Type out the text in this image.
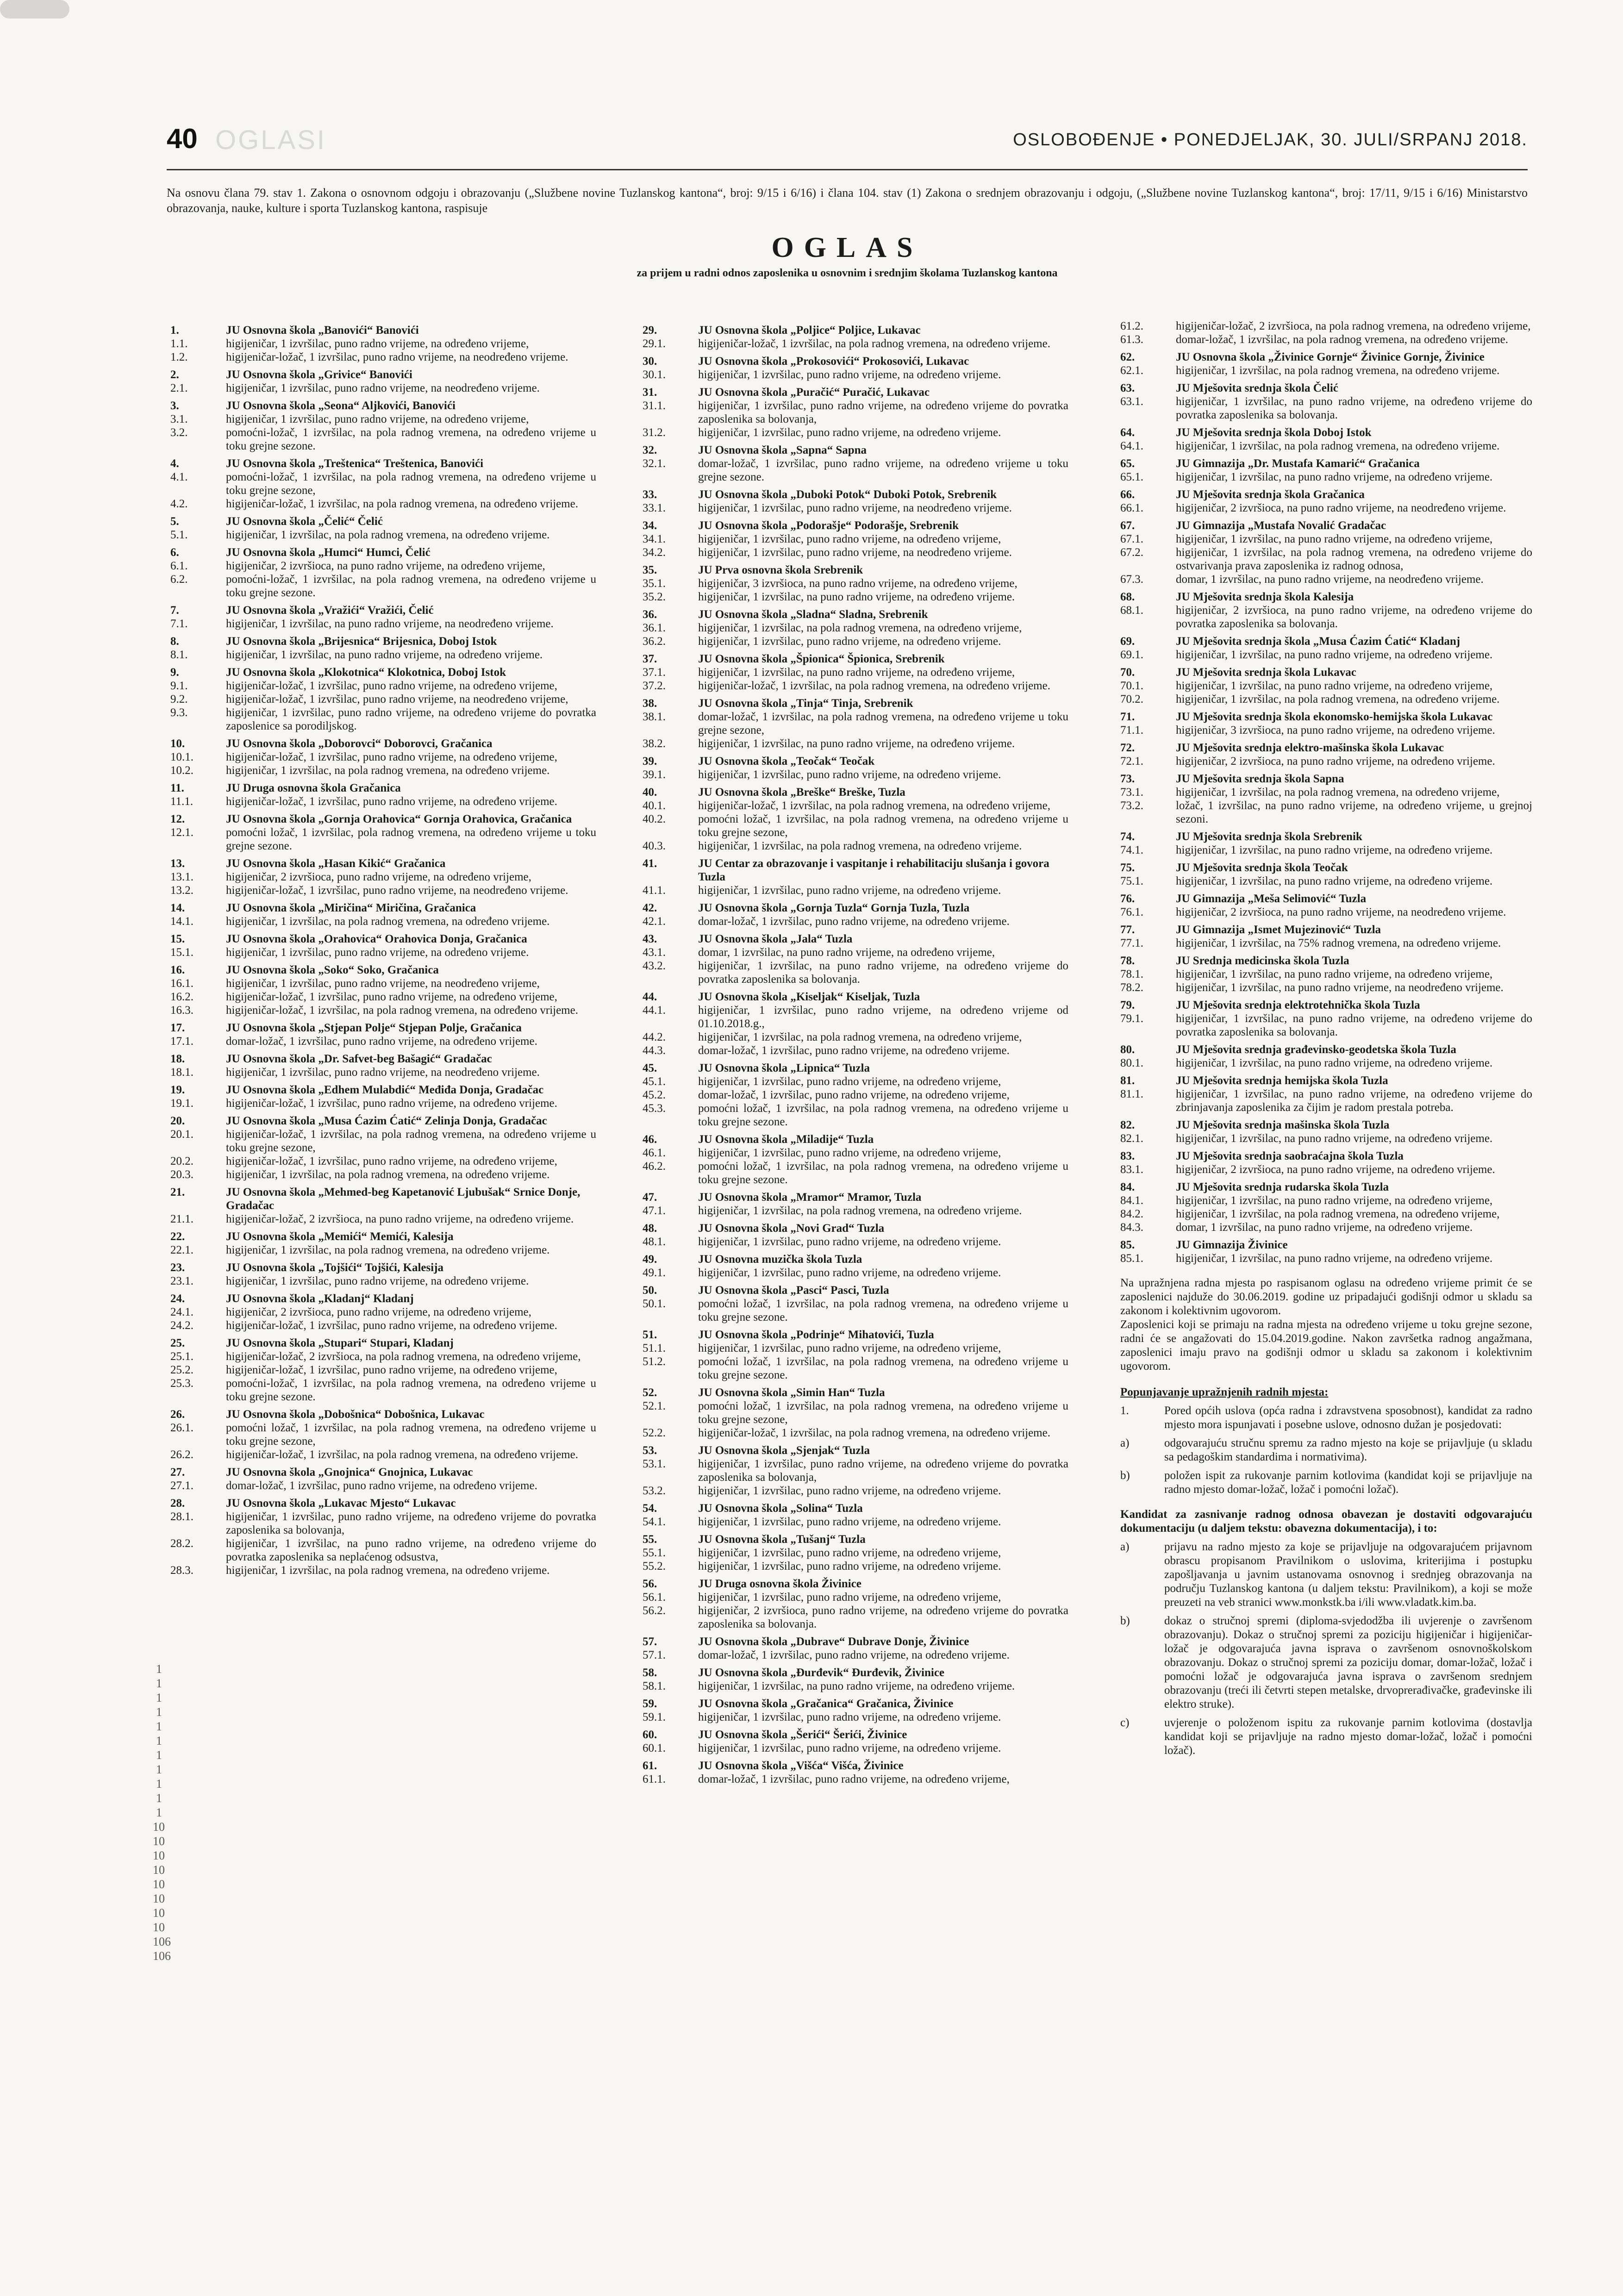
40 OGLASI	OSLOBOĐENJE • PONEDJELJAK, 30. JULI/SRPANJ 2018.
Na osnovu člana 79. stav 1. Zakona o osnovnom odgoju i obrazovanju („Službene novine Tuzlanskog kantona“, broj: 9/15 i 6/16) i člana 104. stav (1) Zakona o srednjem obrazovanju i odgoju, („Službene novine Tuzlanskog kantona“, broj: 17/11, 9/15 i 6/16) Ministarstvo obrazovanja, nauke, kulture i sporta Tuzlanskog kantona, raspisuje
OGLAS
za prijem u radni odnos zaposlenika u osnovnim i srednjim školama Tuzlanskog kantona
1.	JU Osnovna škola „Banovići“ Banovići
1.1.	higijeničar, 1 izvršilac, puno radno vrijeme, na određeno vrijeme,
1.2.	higijeničar-ložač, 1 izvršilac, puno radno vrijeme, na neodređeno vrijeme.
2.	JU Osnovna škola „Grivice“ Banovići
2.1.	higijeničar, 1 izvršilac, puno radno vrijeme, na neodređeno vrijeme.
3.	JU Osnovna škola „Seona“ Aljkovići, Banovići
3.1.	higijeničar, 1 izvršilac, puno radno vrijeme, na određeno vrijeme,
3.2.	pomoćni-ložač, 1 izvršilac, na pola radnog vremena, na određeno vrijeme u toku grejne sezone.
4.	JU Osnovna škola „Treštenica“ Treštenica, Banovići
4.1.	pomoćni-ložač, 1 izvršilac, na pola radnog vremena, na određeno vrijeme u toku grejne sezone,
4.2.	higijeničar-ložač, 1 izvršilac, na pola radnog vremena, na određeno vrijeme.
5.	JU Osnovna škola „Čelić“ Čelić
5.1.	higijeničar, 1 izvršilac, na pola radnog vremena, na određeno vrijeme.
6.	JU Osnovna škola „Humci“ Humci, Čelić
6.1.	higijeničar, 2 izvršioca, na puno radno vrijeme, na određeno vrijeme,
6.2.	pomoćni-ložač, 1 izvršilac, na pola radnog vremena, na određeno vrijeme u toku grejne sezone.
7.	JU Osnovna škola „Vražići“ Vražići, Čelić
7.1.	higijeničar, 1 izvršilac, na puno radno vrijeme, na neodređeno vrijeme.
8.	JU Osnovna škola „Brijesnica“ Brijesnica, Doboj Istok
8.1.	higijeničar, 1 izvršilac, na puno radno vrijeme, na određeno vrijeme.
9.	JU Osnovna škola „Klokotnica“ Klokotnica, Doboj Istok
9.1.	higijeničar-ložač, 1 izvršilac, puno radno vrijeme, na određeno vrijeme,
9.2.	higijeničar-ložač, 1 izvršilac, puno radno vrijeme, na neodređeno vrijeme,
9.3.	higijeničar, 1 izvršilac, puno radno vrijeme, na određeno vrijeme do povratka zaposlenice sa porodiljskog.
10.	JU Osnovna škola „Doborovci“ Doborovci, Gračanica
10.1.	higijeničar-ložač, 1 izvršilac, puno radno vrijeme, na određeno vrijeme,
10.2.	higijeničar, 1 izvršilac, na pola radnog vremena, na određeno vrijeme.
11.	JU Druga osnovna škola Gračanica
11.1.	higijeničar-ložač, 1 izvršilac, puno radno vrijeme, na određeno vrijeme.
12.	JU Osnovna škola „Gornja Orahovica“ Gornja Orahovica, Gračanica
12.1.	pomoćni ložač, 1 izvršilac, pola radnog vremena, na određeno vrijeme u toku grejne sezone.
13.	JU Osnovna škola „Hasan Kikić“ Gračanica
13.1.	higijeničar, 2 izvršioca, puno radno vrijeme, na određeno vrijeme,
13.2.	higijeničar-ložač, 1 izvršilac, puno radno vrijeme, na neodređeno vrijeme.
14.	JU Osnovna škola „Miričina“ Miričina, Gračanica
14.1.	higijeničar, 1 izvršilac, na pola radnog vremena, na određeno vrijeme.
15.	JU Osnovna škola „Orahovica“ Orahovica Donja, Gračanica
15.1.	higijeničar, 1 izvršilac, puno radno vrijeme, na određeno vrijeme.
16.	JU Osnovna škola „Soko“ Soko, Gračanica
16.1.	higijeničar, 1 izvršilac, puno radno vrijeme, na neodređeno vrijeme,
16.2.	higijeničar-ložač, 1 izvršilac, puno radno vrijeme, na određeno vrijeme,
16.3.	higijeničar-ložač, 1 izvršilac, na pola radnog vremena, na određeno vrijeme.
17.	JU Osnovna škola „Stjepan Polje“ Stjepan Polje, Gračanica
17.1.	domar-ložač, 1 izvršilac, puno radno vrijeme, na određeno vrijeme.
18.	JU Osnovna škola „Dr. Safvet-beg Bašagić“ Gradačac
18.1.	higijeničar, 1 izvršilac, puno radno vrijeme, na neodređeno vrijeme.
19.	JU Osnovna škola „Edhem Mulabdić“ Međiđa Donja, Gradačac
19.1.	higijeničar-ložač, 1 izvršilac, puno radno vrijeme, na određeno vrijeme.
20.	JU Osnovna škola „Musa Ćazim Ćatić“ Zelinja Donja, Gradačac
20.1.	higijeničar-ložač, 1 izvršilac, na pola radnog vremena, na određeno vrijeme u toku grejne sezone,
20.2.	higijeničar-ložač, 1 izvršilac, puno radno vrijeme, na određeno vrijeme,
20.3.	higijeničar, 1 izvršilac, na pola radnog vremena, na određeno vrijeme.
21.	JU Osnovna škola „Mehmed-beg Kapetanović Ljubušak“ Srnice Donje, Gradačac
21.1.	higijeničar-ložač, 2 izvršioca, na puno radno vrijeme, na određeno vrijeme.
22.	JU Osnovna škola „Memići“ Memići, Kalesija
22.1.	higijeničar, 1 izvršilac, na pola radnog vremena, na određeno vrijeme.
23.	JU Osnovna škola „Tojšići“ Tojšići, Kalesija
23.1.	higijeničar, 1 izvršilac, puno radno vrijeme, na određeno vrijeme.
24.	JU Osnovna škola „Kladanj“ Kladanj
24.1.	higijeničar, 2 izvršioca, puno radno vrijeme, na određeno vrijeme,
24.2.	higijeničar-ložač, 1 izvršilac, puno radno vrijeme, na određeno vrijeme.
25.	JU Osnovna škola „Stupari“ Stupari, Kladanj
25.1.	higijeničar-ložač, 2 izvršioca, na pola radnog vremena, na određeno vrijeme,
25.2.	higijeničar-ložač, 1 izvršilac, puno radno vrijeme, na određeno vrijeme,
25.3.	pomoćni-ložač, 1 izvršilac, na pola radnog vremena, na određeno vrijeme u toku grejne sezone.
26.	JU Osnovna škola „Dobošnica“ Dobošnica, Lukavac
26.1.	pomoćni ložač, 1 izvršilac, na pola radnog vremena, na određeno vrijeme u toku grejne sezone,
26.2.	higijeničar-ložač, 1 izvršilac, na pola radnog vremena, na određeno vrijeme.
27.	JU Osnovna škola „Gnojnica“ Gnojnica, Lukavac
27.1.	domar-ložač, 1 izvršilac, puno radno vrijeme, na određeno vrijeme.
28.	JU Osnovna škola „Lukavac Mjesto“ Lukavac
28.1.	higijeničar, 1 izvršilac, puno radno vrijeme, na određeno vrijeme do povratka zaposlenika sa bolovanja,
28.2.	higijeničar, 1 izvršilac, na puno radno vrijeme, na određeno vrijeme do povratka zaposlenika sa neplaćenog odsustva,
28.3.	higijeničar, 1 izvršilac, na pola radnog vremena, na određeno vrijeme.
29.	JU Osnovna škola „Poljice“ Poljice, Lukavac
29.1.	higijeničar-ložač, 1 izvršilac, na pola radnog vremena, na određeno vrijeme.
30.	JU Osnovna škola „Prokosovići“ Prokosovići, Lukavac
30.1.	higijeničar, 1 izvršilac, puno radno vrijeme, na određeno vrijeme.
31.	JU Osnovna škola „Puračić“ Puračić, Lukavac
31.1.	higijeničar, 1 izvršilac, puno radno vrijeme, na određeno vrijeme do povratka zaposlenika sa bolovanja,
31.2.	higijeničar, 1 izvršilac, puno radno vrijeme, na određeno vrijeme.
32.	JU Osnovna škola „Sapna“ Sapna
32.1.	domar-ložač, 1 izvršilac, puno radno vrijeme, na određeno vrijeme u toku grejne sezone.
33.	JU Osnovna škola „Duboki Potok“ Duboki Potok, Srebrenik
33.1.	higijeničar, 1 izvršilac, puno radno vrijeme, na neodređeno vrijeme.
34.	JU Osnovna škola „Podorašje“ Podorašje, Srebrenik
34.1.	higijeničar, 1 izvršilac, puno radno vrijeme, na određeno vrijeme,
34.2.	higijeničar, 1 izvršilac, puno radno vrijeme, na neodređeno vrijeme.
35.	JU Prva osnovna škola Srebrenik
35.1.	higijeničar, 3 izvršioca, na puno radno vrijeme, na određeno vrijeme,
35.2.	higijeničar, 1 izvršilac, na puno radno vrijeme, na određeno vrijeme.
36.	JU Osnovna škola „Sladna“ Sladna, Srebrenik
36.1.	higijeničar, 1 izvršilac, na pola radnog vremena, na određeno vrijeme,
36.2.	higijeničar, 1 izvršilac, puno radno vrijeme, na određeno vrijeme.
37.	JU Osnovna škola „Špionica“ Špionica, Srebrenik
37.1.	higijeničar, 1 izvršilac, na puno radno vrijeme, na određeno vrijeme,
37.2.	higijeničar-ložač, 1 izvršilac, na pola radnog vremena, na određeno vrijeme.
38.	JU Osnovna škola „Tinja“ Tinja, Srebrenik
38.1.	domar-ložač, 1 izvršilac, na pola radnog vremena, na određeno vrijeme u toku grejne sezone,
38.2.	higijeničar, 1 izvršilac, na puno radno vrijeme, na određeno vrijeme.
39.	JU Osnovna škola „Teočak“ Teočak
39.1.	higijeničar, 1 izvršilac, puno radno vrijeme, na određeno vrijeme.
40.	JU Osnovna škola „Breške“ Breške, Tuzla
40.1.	higijeničar-ložač, 1 izvršilac, na pola radnog vremena, na određeno vrijeme,
40.2.	pomoćni ložač, 1 izvršilac, na pola radnog vremena, na određeno vrijeme u toku grejne sezone,
40.3.	higijeničar, 1 izvršilac, na pola radnog vremena, na određeno vrijeme.
41.	JU Centar za obrazovanje i vaspitanje i rehabilitaciju slušanja i govora Tuzla
41.1.	higijeničar, 1 izvršilac, puno radno vrijeme, na određeno vrijeme.
42.	JU Osnovna škola „Gornja Tuzla“ Gornja Tuzla, Tuzla
42.1.	domar-ložač, 1 izvršilac, puno radno vrijeme, na određeno vrijeme.
43.	JU Osnovna škola „Jala“ Tuzla
43.1.	domar, 1 izvršilac, na puno radno vrijeme, na određeno vrijeme,
43.2.	higijeničar, 1 izvršilac, na puno radno vrijeme, na određeno vrijeme do povratka zaposlenika sa bolovanja.
44.	JU Osnovna škola „Kiseljak“ Kiseljak, Tuzla
44.1.	higijeničar, 1 izvršilac, puno radno vrijeme, na određeno vrijeme od 01.10.2018.g.,
44.2.	higijeničar, 1 izvršilac, na pola radnog vremena, na određeno vrijeme,
44.3.	domar-ložač, 1 izvršilac, puno radno vrijeme, na određeno vrijeme.
45.	JU Osnovna škola „Lipnica“ Tuzla
45.1.	higijeničar, 1 izvršilac, puno radno vrijeme, na određeno vrijeme,
45.2.	domar-ložač, 1 izvršilac, puno radno vrijeme, na određeno vrijeme,
45.3.	pomoćni ložač, 1 izvršilac, na pola radnog vremena, na određeno vrijeme u toku grejne sezone.
46.	JU Osnovna škola „Miladije“ Tuzla
46.1.	higijeničar, 1 izvršilac, puno radno vrijeme, na određeno vrijeme,
46.2.	pomoćni ložač, 1 izvršilac, na pola radnog vremena, na određeno vrijeme u toku grejne sezone.
47.	JU Osnovna škola „Mramor“ Mramor, Tuzla
47.1.	higijeničar, 1 izvršilac, na pola radnog vremena, na određeno vrijeme.
48.	JU Osnovna škola „Novi Grad“ Tuzla
48.1.	higijeničar, 1 izvršilac, puno radno vrijeme, na određeno vrijeme.
49.	JU Osnovna muzička škola Tuzla
49.1.	higijeničar, 1 izvršilac, puno radno vrijeme, na određeno vrijeme.
50.	JU Osnovna škola „Pasci“ Pasci, Tuzla
50.1.	pomoćni ložač, 1 izvršilac, na pola radnog vremena, na određeno vrijeme u toku grejne sezone.
51.	JU Osnovna škola „Podrinje“ Mihatovići, Tuzla
51.1.	higijeničar, 1 izvršilac, puno radno vrijeme, na određeno vrijeme,
51.2.	pomoćni ložač, 1 izvršilac, na pola radnog vremena, na određeno vrijeme u toku grejne sezone.
52.	JU Osnovna škola „Simin Han“ Tuzla
52.1.	pomoćni ložač, 1 izvršilac, na pola radnog vremena, na određeno vrijeme u toku grejne sezone,
52.2.	higijeničar-ložač, 1 izvršilac, na pola radnog vremena, na određeno vrijeme.
53.	JU Osnovna škola „Sjenjak“ Tuzla
53.1.	higijeničar, 1 izvršilac, puno radno vrijeme, na određeno vrijeme do povratka zaposlenika sa bolovanja,
53.2.	higijeničar, 1 izvršilac, puno radno vrijeme, na određeno vrijeme.
54.	JU Osnovna škola „Solina“ Tuzla
54.1.	higijeničar, 1 izvršilac, puno radno vrijeme, na određeno vrijeme.
55.	JU Osnovna škola „Tušanj“ Tuzla
55.1.	higijeničar, 1 izvršilac, puno radno vrijeme, na određeno vrijeme,
55.2.	higijeničar, 1 izvršilac, puno radno vrijeme, na određeno vrijeme.
56.	JU Druga osnovna škola Živinice
56.1.	higijeničar, 1 izvršilac, puno radno vrijeme, na određeno vrijeme,
56.2.	higijeničar, 2 izvršioca, puno radno vrijeme, na određeno vrijeme do povratka zaposlenika sa bolovanja.
57.	JU Osnovna škola „Dubrave“ Dubrave Donje, Živinice
57.1.	domar-ložač, 1 izvršilac, puno radno vrijeme, na određeno vrijeme.
58.	JU Osnovna škola „Đurđevik“ Đurđevik, Živinice
58.1.	higijeničar, 1 izvršilac, na puno radno vrijeme, na određeno vrijeme.
59.	JU Osnovna škola „Gračanica“ Gračanica, Živinice
59.1.	higijeničar, 1 izvršilac, puno radno vrijeme, na određeno vrijeme.
60.	JU Osnovna škola „Šerići“ Šerići, Živinice
60.1.	higijeničar, 1 izvršilac, puno radno vrijeme, na određeno vrijeme.
61.	JU Osnovna škola „Višća“ Višća, Živinice
61.1.	domar-ložač, 1 izvršilac, puno radno vrijeme, na određeno vrijeme,
61.2.	higijeničar-ložač, 2 izvršioca, na pola radnog vremena, na određeno vrijeme,
61.3.	domar-ložač, 1 izvršilac, na pola radnog vremena, na određeno vrijeme.
62.	JU Osnovna škola „Živinice Gornje“ Živinice Gornje, Živinice
62.1.	higijeničar, 1 izvršilac, na pola radnog vremena, na određeno vrijeme.
63.	JU Mješovita srednja škola Čelić
63.1.	higijeničar, 1 izvršilac, na puno radno vrijeme, na određeno vrijeme do povratka zaposlenika sa bolovanja.
64.	JU Mješovita srednja škola Doboj Istok
64.1.	higijeničar, 1 izvršilac, na pola radnog vremena, na određeno vrijeme.
65.	JU Gimnazija „Dr. Mustafa Kamarić“ Gračanica
65.1.	higijeničar, 1 izvršilac, na puno radno vrijeme, na određeno vrijeme.
66.	JU Mješovita srednja škola Gračanica
66.1.	higijeničar, 2 izvršioca, na puno radno vrijeme, na neodređeno vrijeme.
67.	JU Gimnazija „Mustafa Novalić Gradačac
67.1.	higijeničar, 1 izvršilac, na puno radno vrijeme, na određeno vrijeme,
67.2.	higijeničar, 1 izvršilac, na pola radnog vremena, na određeno vrijeme do ostvarivanja prava zaposlenika iz radnog odnosa,
67.3.	domar, 1 izvršilac, na puno radno vrijeme, na neodređeno vrijeme.
68.	JU Mješovita srednja škola Kalesija
68.1.	higijeničar, 2 izvršioca, na puno radno vrijeme, na određeno vrijeme do povratka zaposlenika sa bolovanja.
69.	JU Mješovita srednja škola „Musa Ćazim Ćatić“ Kladanj
69.1.	higijeničar, 1 izvršilac, na puno radno vrijeme, na određeno vrijeme.
70.	JU Mješovita srednja škola Lukavac
70.1.	higijeničar, 1 izvršilac, na puno radno vrijeme, na određeno vrijeme,
70.2.	higijeničar, 1 izvršilac, na pola radnog vremena, na određeno vrijeme.
71.	JU Mješovita srednja škola ekonomsko-hemijska škola Lukavac
71.1.	higijeničar, 3 izvršioca, na puno radno vrijeme, na određeno vrijeme.
72.	JU Mješovita srednja elektro-mašinska škola Lukavac
72.1.	higijeničar, 2 izvršioca, na puno radno vrijeme, na određeno vrijeme.
73.	JU Mješovita srednja škola Sapna
73.1.	higijeničar, 1 izvršilac, na pola radnog vremena, na određeno vrijeme,
73.2.	ložač, 1 izvršilac, na puno radno vrijeme, na određeno vrijeme, u grejnoj sezoni.
74.	JU Mješovita srednja škola Srebrenik
74.1.	higijeničar, 1 izvršilac, na puno radno vrijeme, na određeno vrijeme.
75.	JU Mješovita srednja škola Teočak
75.1.	higijeničar, 1 izvršilac, na puno radno vrijeme, na određeno vrijeme.
76.	JU Gimnazija „Meša Selimović“ Tuzla
76.1.	higijeničar, 2 izvršioca, na puno radno vrijeme, na neodređeno vrijeme.
77.	JU Gimnazija „Ismet Mujezinović“ Tuzla
77.1.	higijeničar, 1 izvršilac, na 75% radnog vremena, na određeno vrijeme.
78.	JU Srednja medicinska škola Tuzla
78.1.	higijeničar, 1 izvršilac, na puno radno vrijeme, na određeno vrijeme,
78.2.	higijeničar, 1 izvršilac, na puno radno vrijeme, na neodređeno vrijeme.
79.	JU Mješovita srednja elektrotehnička škola Tuzla
79.1.	higijeničar, 1 izvršilac, na puno radno vrijeme, na određeno vrijeme do povratka zaposlenika sa bolovanja.
80.	JU Mješovita srednja građevinsko-geodetska škola Tuzla
80.1.	higijeničar, 1 izvršilac, na puno radno vrijeme, na određeno vrijeme.
81.	JU Mješovita srednja hemijska škola Tuzla
81.1.	higijeničar, 1 izvršilac, na puno radno vrijeme, na određeno vrijeme do zbrinjavanja zaposlenika za čijim je radom prestala potreba.
82.	JU Mješovita srednja mašinska škola Tuzla
82.1.	higijeničar, 1 izvršilac, na puno radno vrijeme, na određeno vrijeme.
83.	JU Mješovita srednja saobraćajna škola Tuzla
83.1.	higijeničar, 2 izvršioca, na puno radno vrijeme, na određeno vrijeme.
84.	JU Mješovita srednja rudarska škola Tuzla
84.1.	higijeničar, 1 izvršilac, na puno radno vrijeme, na određeno vrijeme,
84.2.	higijeničar, 1 izvršilac, na pola radnog vremena, na određeno vrijeme,
84.3.	domar, 1 izvršilac, na puno radno vrijeme, na određeno vrijeme.
85.	JU Gimnazija Živinice
85.1.	higijeničar, 1 izvršilac, na puno radno vrijeme, na određeno vrijeme.
Na upražnjena radna mjesta po raspisanom oglasu na određeno vrijeme primit će se zaposlenici najduže do 30.06.2019. godine uz pripadajući godišnji odmor u skladu sa zakonom i kolektivnim ugovorom.
Zaposlenici koji se primaju na radna mjesta na određeno vrijeme u toku grejne sezone, radni će se angažovati do 15.04.2019.godine. Nakon završetka radnog angažmana, zaposlenici imaju pravo na godišnji odmor u skladu sa zakonom i kolektivnim ugovorom.
Popunjavanje upražnjenih radnih mjesta:
1.	Pored općih uslova (opća radna i zdravstvena sposobnost), kandidat za radno mjesto mora ispunjavati i posebne uslove, odnosno dužan je posjedovati:
a)	odgovarajuću stručnu spremu za radno mjesto na koje se prijavljuje (u skladu sa pedagoškim standardima i normativima).
b)	položen ispit za rukovanje parnim kotlovima (kandidat koji se prijavljuje na radno mjesto domar-ložač, ložač i pomoćni ložač).
Kandidat za zasnivanje radnog odnosa obavezan je dostaviti odgovarajuću dokumentaciju (u daljem tekstu: obavezna dokumentacija), i to:
a)	prijavu na radno mjesto za koje se prijavljuje na odgovarajućem prijavnom obrascu propisanom Pravilnikom o uslovima, kriterijima i postupku zapošljavanja u javnim ustanovama osnovnog i srednjeg obrazovanja na području Tuzlanskog kantona (u daljem tekstu: Pravilnikom), a koji se može preuzeti na veb stranici www.monkstk.ba i/ili www.vladatk.kim.ba.
b)	dokaz o stručnoj spremi (diploma-svjedodžba ili uvjerenje o završenom obrazovanju). Dokaz o stručnoj spremi za poziciju higijeničar i higijeničar-ložač je odgovarajuća javna isprava o završenom osnovnoškolskom obrazovanju. Dokaz o stručnoj spremi za poziciju domar, domar-ložač, ložač i pomoćni ložač je odgovarajuća javna isprava o završenom srednjem obrazovanju (treći ili četvrti stepen metalske, drvoprerađivačke, građevinske ili elektro struke).
c)	uvjerenje o položenom ispitu za rukovanje parnim kotlovima (dostavlja kandidat koji se prijavljuje na radno mjesto domar-ložač, ložač i pomoćni ložač).
1
1
1
1
1
1
1
1
1
1
1
10
10
10
10
10
10
10
10
106
106
